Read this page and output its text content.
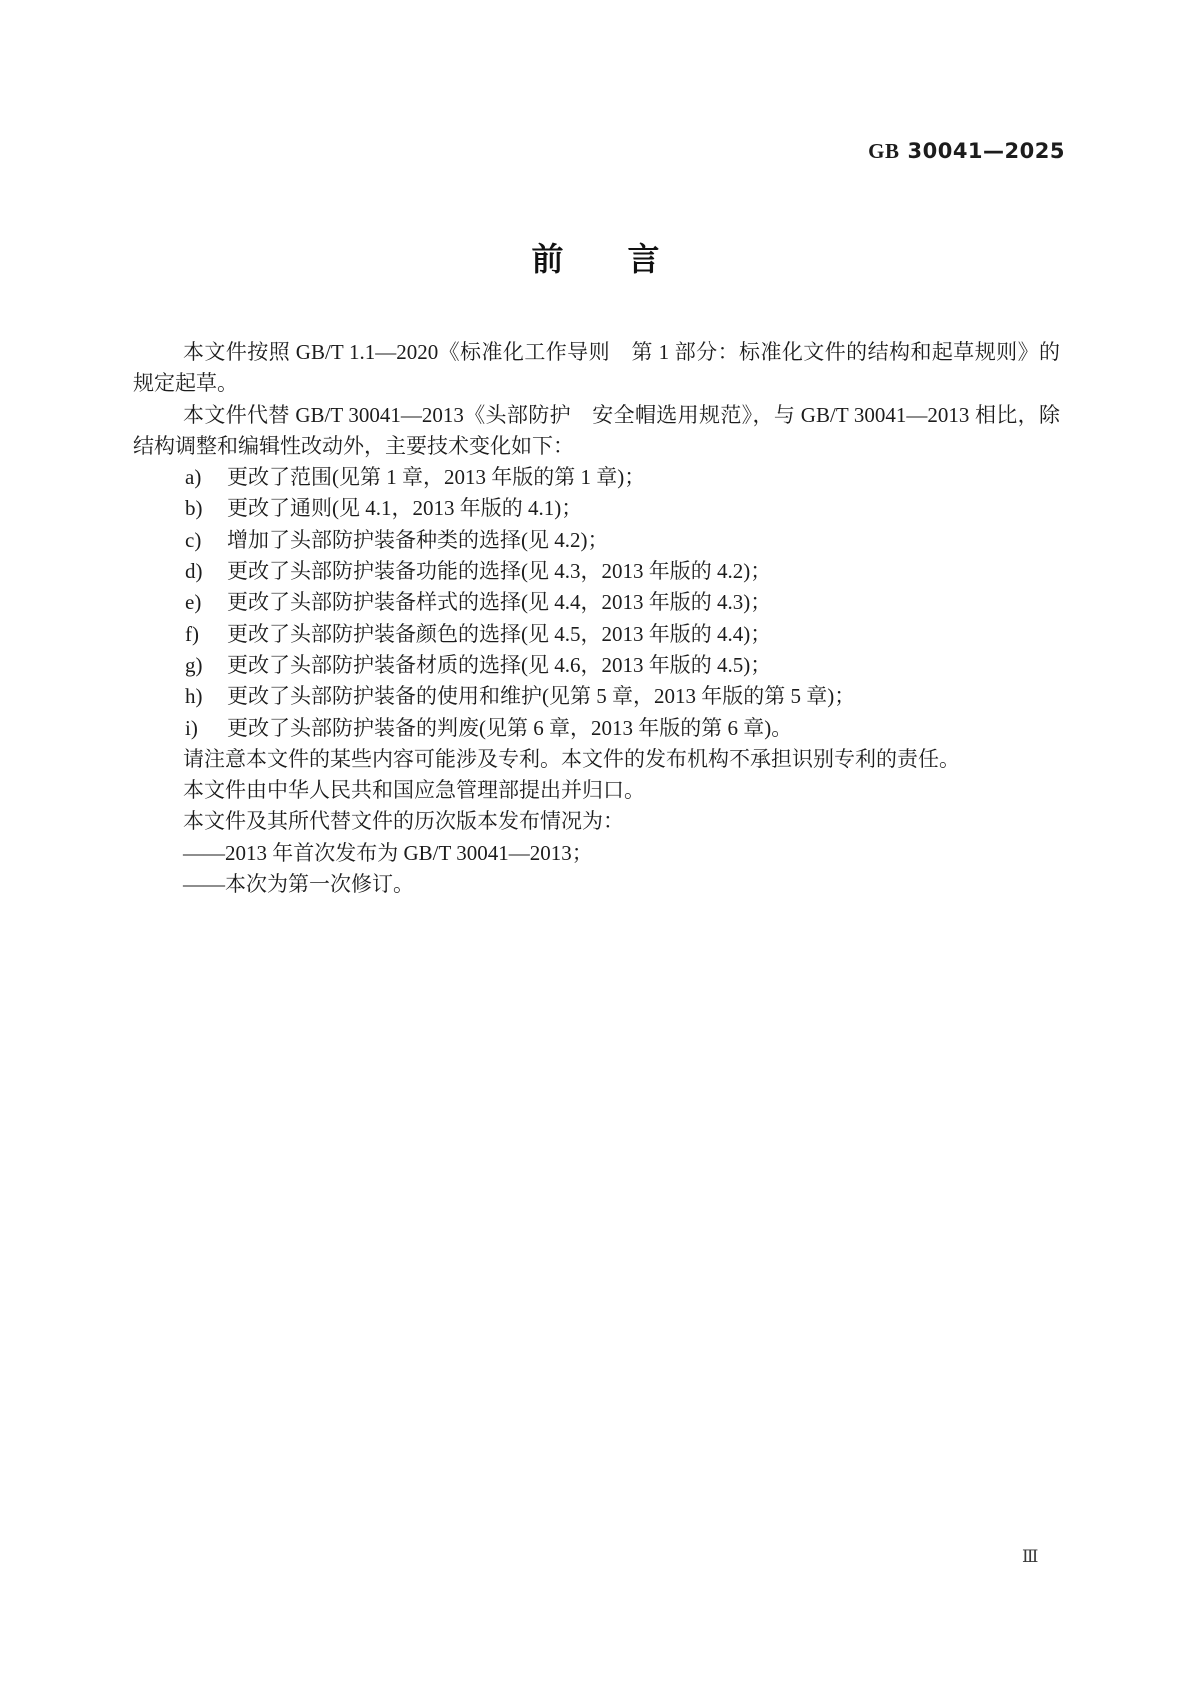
GB 30041—2025
前　　言

本文件按照 GB/T 1.1—2020《标准化工作导则　第 1 部分：标准化文件的结构和起草规则》的规定起草。

本文件代替 GB/T 30041—2013《头部防护　安全帽选用规范》，与 GB/T 30041—2013 相比，除结构调整和编辑性改动外，主要技术变化如下：

a) 更改了范围(见第 1 章，2013 年版的第 1 章)；
b) 更改了通则(见 4.1，2013 年版的 4.1)；
c) 增加了头部防护装备种类的选择(见 4.2)；
d) 更改了头部防护装备功能的选择(见 4.3，2013 年版的 4.2)；
e) 更改了头部防护装备样式的选择(见 4.4，2013 年版的 4.3)；
f) 更改了头部防护装备颜色的选择(见 4.5，2013 年版的 4.4)；
g) 更改了头部防护装备材质的选择(见 4.6，2013 年版的 4.5)；
h) 更改了头部防护装备的使用和维护(见第 5 章，2013 年版的第 5 章)；
i) 更改了头部防护装备的判废(见第 6 章，2013 年版的第 6 章)。

请注意本文件的某些内容可能涉及专利。本文件的发布机构不承担识别专利的责任。

本文件由中华人民共和国应急管理部提出并归口。

本文件及其所代替文件的历次版本发布情况为：

——2013 年首次发布为 GB/T 30041—2013；

——本次为第一次修订。

Ⅲ
